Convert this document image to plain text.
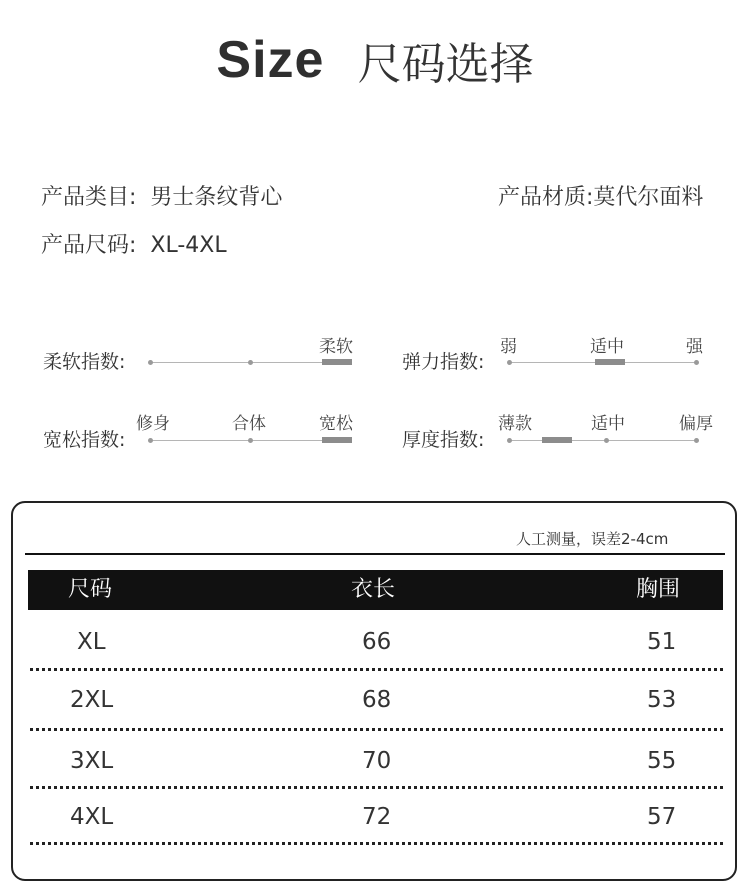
Size 尺码选择
产品类目: 男士条纹背心	产品材质:莫代尔面料
产品尺码: XL-4XL
柔软指数:
柔软
弹力指数:
弱	适中	强
宽松指数:
修身	合体	宽松
厚度指数:
薄款	适中	偏厚
人工测量，误差2-4cm
尺码	衣长	胸围
XL	66	51
2XL	68	53
3XL	70	55
4XL	72	57
